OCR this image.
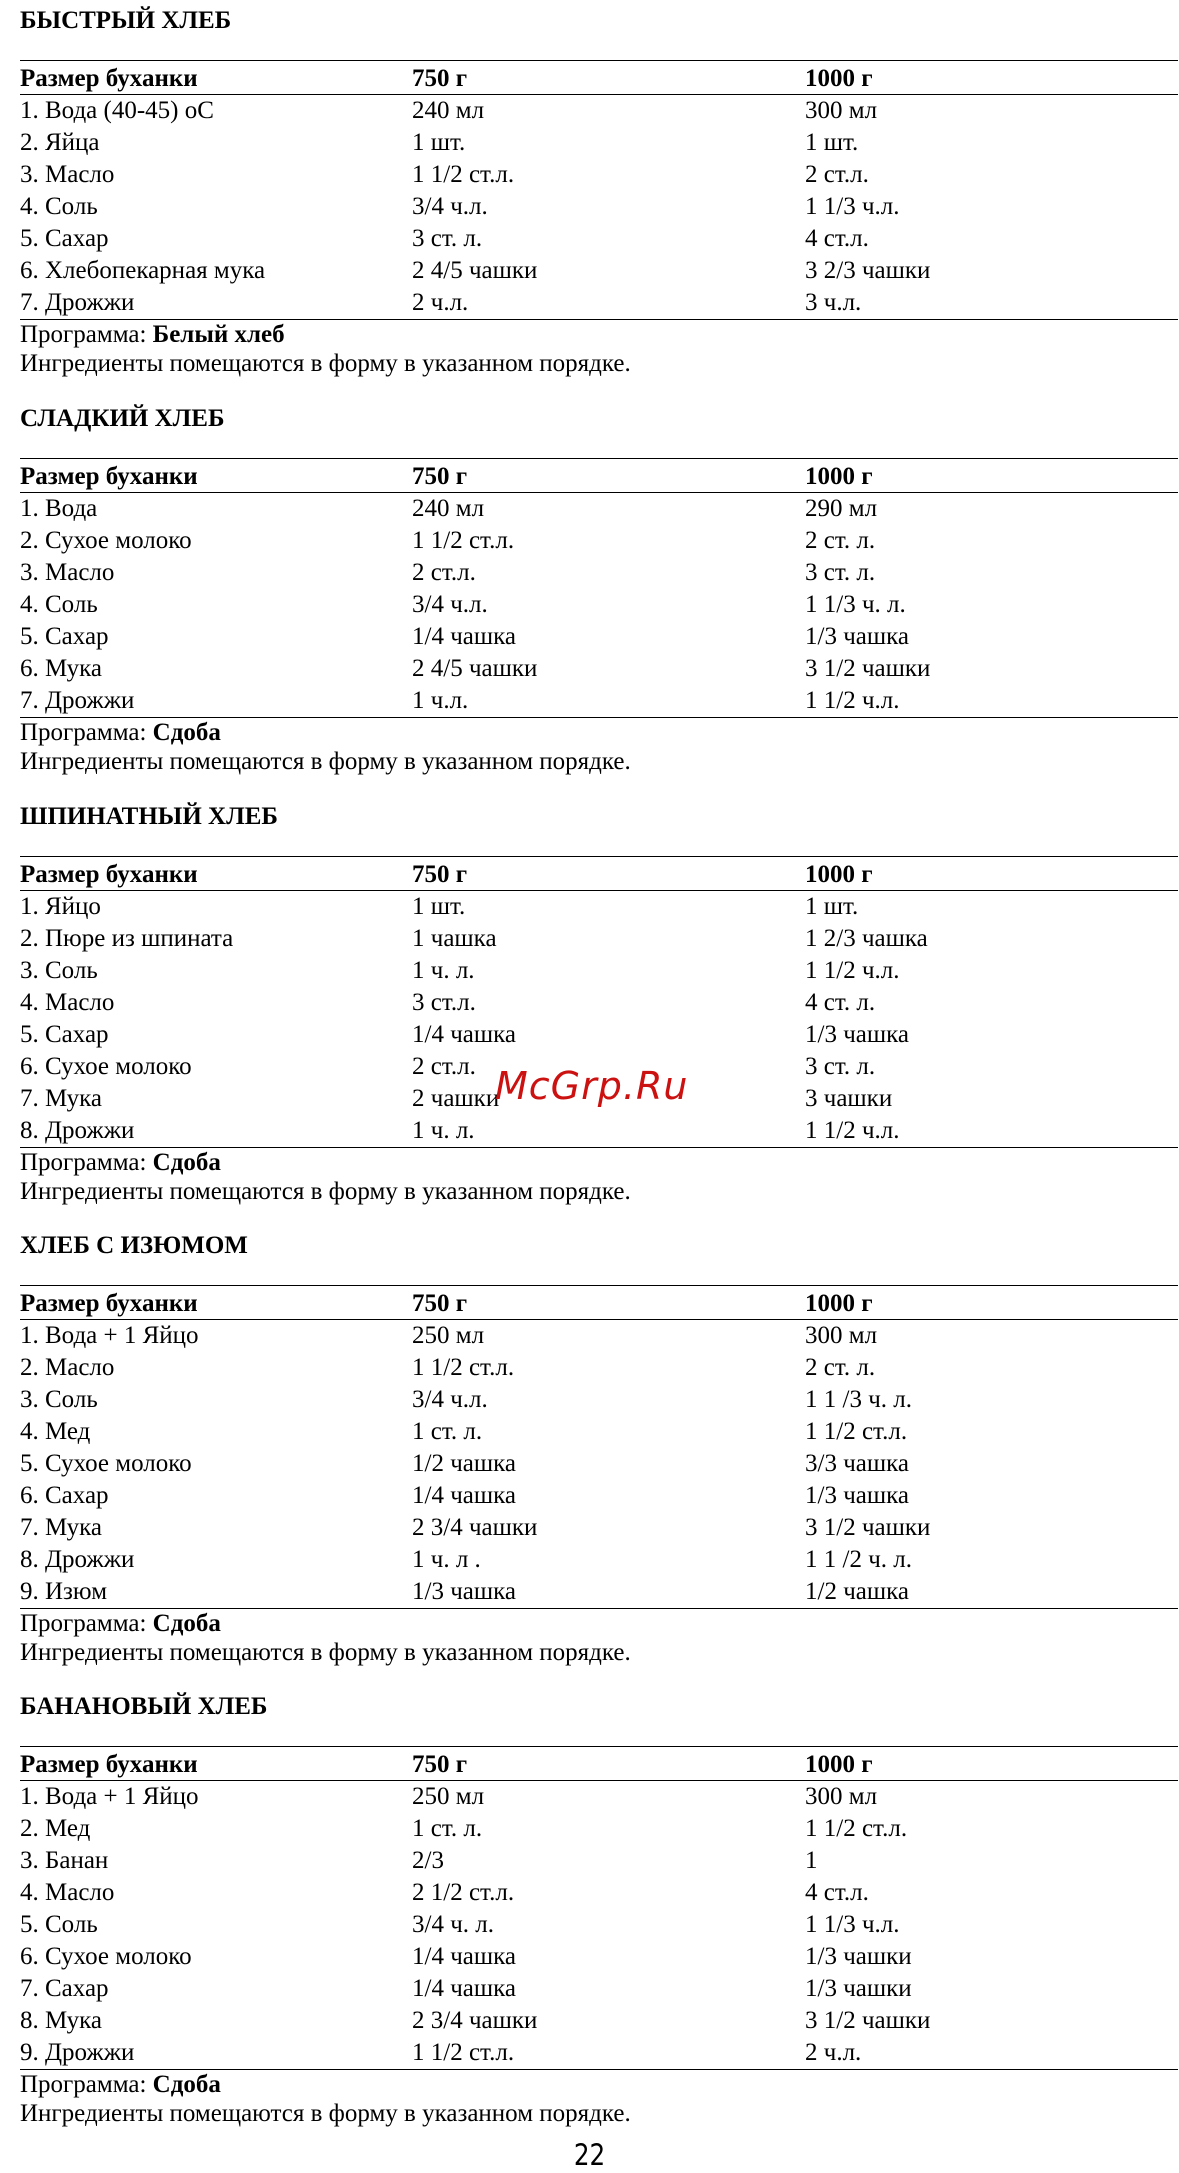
БЫСТРЫЙ ХЛЕБ
Размер буханки	750 г	1000 г
1. Вода (40-45) оС	240 мл	300 мл
2. Яйца	1 шт.	1 шт.
3. Масло	1 1/2 ст.л.	2 ст.л.
4. Соль	3/4 ч.л.	1 1/3 ч.л.
5. Сахар	3 ст. л.	4 ст.л.
6. Хлебопекарная мука	2 4/5 чашки	3 2/3 чашки
7. Дрожжи	2 ч.л.	3 ч.л.
Программа: Белый хлеб
Ингредиенты помещаются в форму в указанном порядке.
СЛАДКИЙ ХЛЕБ
Размер буханки	750 г	1000 г
1. Вода	240 мл	290 мл
2. Сухое молоко	1 1/2 ст.л.	2 ст. л.
3. Масло	2 ст.л.	3 ст. л.
4. Соль	3/4 ч.л.	1 1/3 ч. л.
5. Сахар	1/4 чашка	1/3 чашка
6. Мука	2 4/5 чашки	3 1/2 чашки
7. Дрожжи	1 ч.л.	1 1/2 ч.л.
Программа: Сдоба
Ингредиенты помещаются в форму в указанном порядке.
ШПИНАТНЫЙ ХЛЕБ
Размер буханки	750 г	1000 г
1. Яйцо	1 шт.	1 шт.
2. Пюре из шпината	1 чашка	1 2/3 чашка
3. Соль	1 ч. л.	1 1/2 ч.л.
4. Масло	3 ст.л.	4 ст. л.
5. Сахар	1/4 чашка	1/3 чашка
6. Сухое молоко	2 ст.л.	3 ст. л.
7. Мука	2 чашки	3 чашки
8. Дрожжи	1 ч. л.	1 1/2 ч.л.
Программа: Сдоба
Ингредиенты помещаются в форму в указанном порядке.
ХЛЕБ С ИЗЮМОМ
Размер буханки	750 г	1000 г
1. Вода + 1 Яйцо	250 мл	300 мл
2. Масло	1 1/2 ст.л.	2 ст. л.
3. Соль	3/4 ч.л.	1 1 /3 ч. л.
4. Мед	1 ст. л.	1 1/2 ст.л.
5. Сухое молоко	1/2 чашка	3/3 чашка
6. Сахар	1/4 чашка	1/3 чашка
7. Мука	2 3/4 чашки	3 1/2 чашки
8. Дрожжи	1 ч. л .	1 1 /2 ч. л.
9. Изюм	1/3 чашка	1/2 чашка
Программа: Сдоба
Ингредиенты помещаются в форму в указанном порядке.
БАНАНОВЫЙ ХЛЕБ
Размер буханки	750 г	1000 г
1. Вода + 1 Яйцо	250 мл	300 мл
2. Мед	1 ст. л.	1 1/2 ст.л.
3. Банан	2/3	1
4. Масло	2 1/2 ст.л.	4 ст.л.
5. Соль	3/4 ч. л.	1 1/3 ч.л.
6. Сухое молоко	1/4 чашка	1/3 чашки
7. Сахар	1/4 чашка	1/3 чашки
8. Мука	2 3/4 чашки	3 1/2 чашки
9. Дрожжи	1 1/2 ст.л.	2 ч.л.
Программа: Сдоба
Ингредиенты помещаются в форму в указанном порядке.
McGrp.Ru
22
